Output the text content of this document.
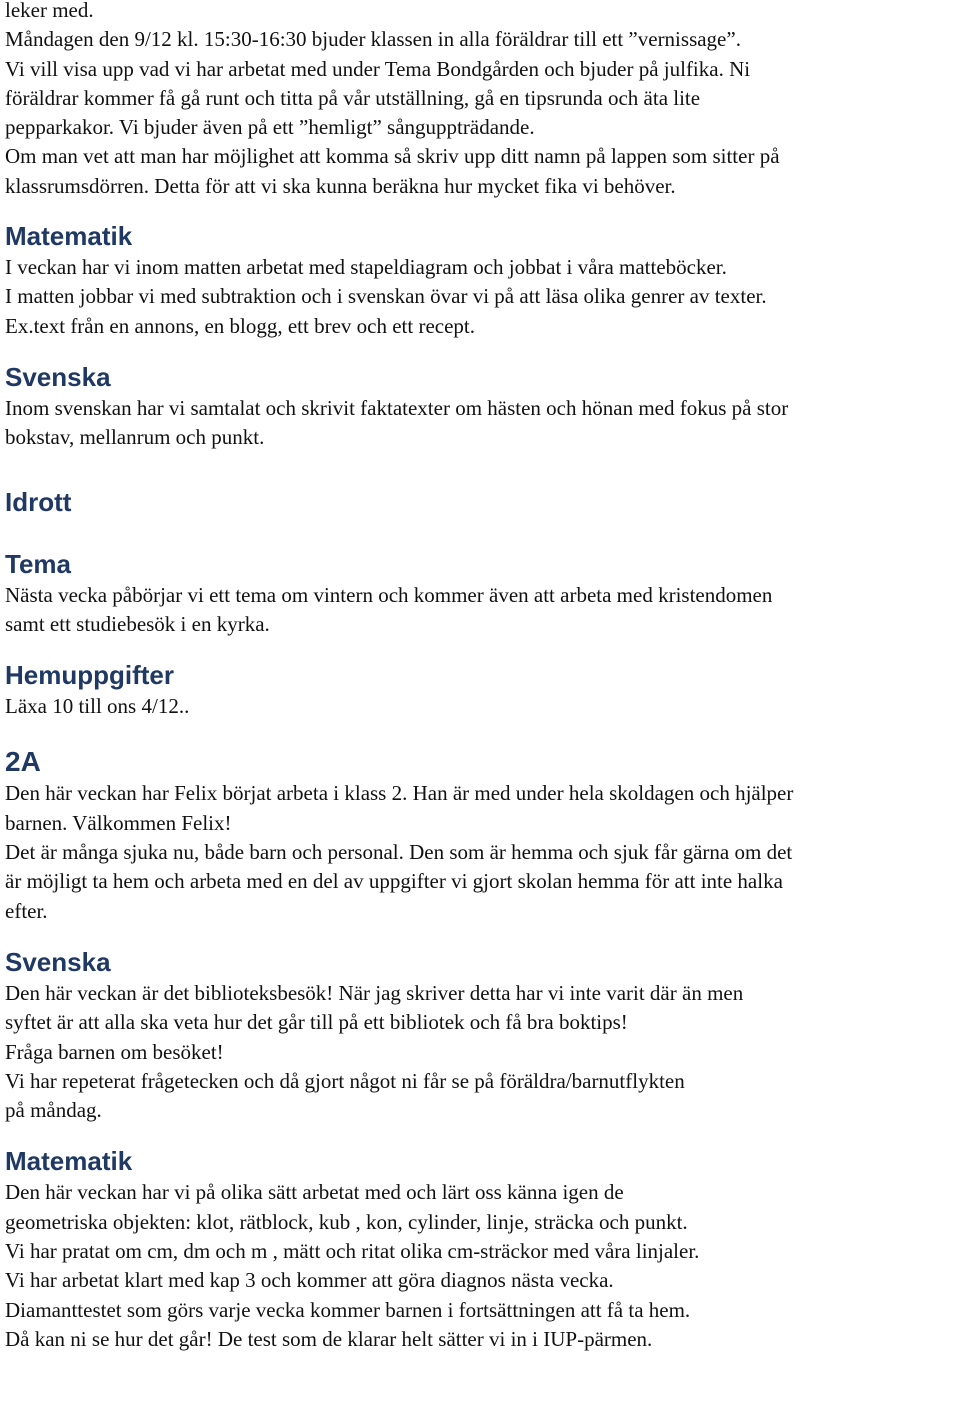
leker med.

Måndagen den 9/12 kl. 15:30-16:30 bjuder klassen in alla föräldrar till ett ”vernissage”.

Vi vill visa upp vad vi har arbetat med under Tema Bondgården och bjuder på julfika. Ni

föräldrar kommer få gå runt och titta på vår utställning, gå en tipsrunda och äta lite

pepparkakor. Vi bjuder även på ett ”hemligt” sånguppträdande.

Om man vet att man har möjlighet att komma så skriv upp ditt namn på lappen som sitter på

klassrumsdörren. Detta för att vi ska kunna beräkna hur mycket fika vi behöver.

Matematik

I veckan har vi inom matten arbetat med stapeldiagram och jobbat i våra matteböcker.

I matten jobbar vi med subtraktion och i svenskan övar vi på att läsa olika genrer av texter.

Ex.text från en annons, en blogg, ett brev och ett recept.

Svenska

Inom svenskan har vi samtalat och skrivit faktatexter om hästen och hönan med fokus på stor

bokstav, mellanrum och punkt.

Idrott
Tema

Nästa vecka påbörjar vi ett tema om vintern och kommer även att arbeta med kristendomen

samt ett studiebesök i en kyrka.

Hemuppgifter

Läxa 10 till ons 4/12..

2A

Den här veckan har Felix börjat arbeta i klass 2. Han är med under hela skoldagen och hjälper

barnen. Välkommen Felix!

Det är många sjuka nu, både barn och personal. Den som är hemma och sjuk får gärna om det

är möjligt ta hem och arbeta med en del av uppgifter vi gjort skolan hemma för att inte halka

efter.

Svenska

Den här veckan är det biblioteksbesök! När jag skriver detta har vi inte varit där än men

syftet är att alla ska veta hur det går till på ett bibliotek och få bra boktips!

Fråga barnen om besöket!

Vi har repeterat frågetecken och då gjort något ni får se på föräldra/barnutflykten

på måndag.

Matematik

Den här veckan har vi på olika sätt arbetat med och lärt oss känna igen de

geometriska objekten: klot, rätblock, kub , kon, cylinder, linje, sträcka och punkt.

Vi har pratat om cm, dm och m , mätt och ritat olika cm-sträckor med våra linjaler.

Vi har arbetat klart med kap 3 och kommer att göra diagnos nästa vecka.

Diamanttestet som görs varje vecka kommer barnen i fortsättningen att få ta hem.

Då kan ni se hur det går! De test som de klarar helt sätter vi in i IUP-pärmen.
